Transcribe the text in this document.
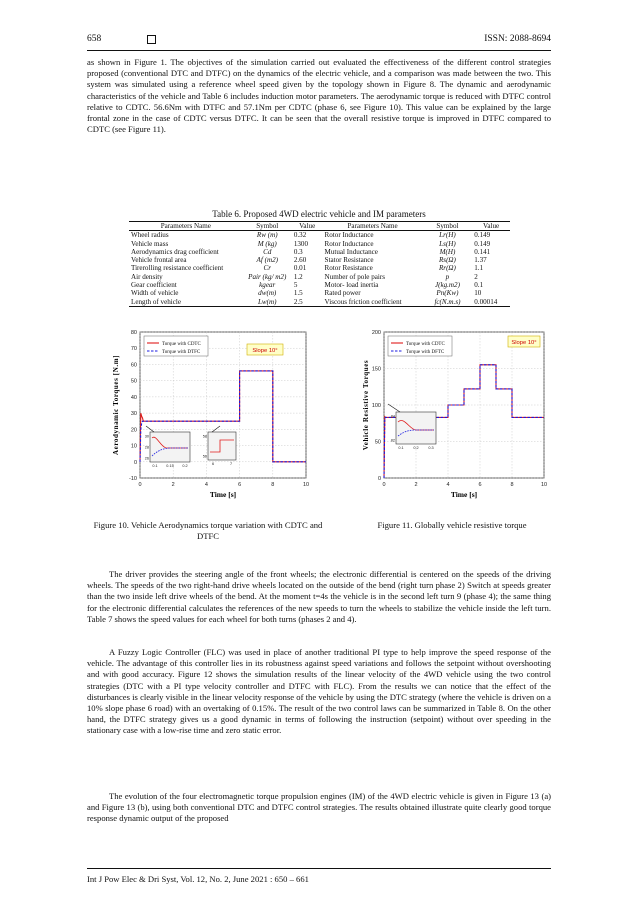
658	ISSN: 2088-8694

as shown in Figure 1. The objectives of the simulation carried out evaluated the effectiveness of the different control strategies proposed (conventional DTC and DTFC) on the dynamics of the electric vehicle, and a comparison was made between the two. This system was simulated using a reference wheel speed given by the topology shown in Figure 8. The dynamic and aerodynamic characteristics of the vehicle and Table 6 includes induction motor parameters. The aerodynamic torque is reduced with DTFC control relative to CDTC. 56.6Nm with DTFC and 57.1Nm per CDTC (phase 6, see Figure 10). This value can be explained by the large frontal zone in the case of CDTC versus DTFC. It can be seen that the overall resistive torque is improved in DTFC compared to CDTC (see Figure 11).

Table 6. Proposed 4WD electric vehicle and IM parameters
Parameters Name	Symbol	Value	Parameters Name	Symbol	Value
Wheel radius	Rw (m)	0.32	Rotor Inductance	Lr(H)	0.149
Vehicle mass	M (kg)	1300	Rotor Inductance	Ls(H)	0.149
Aerodynamics drag coefficient	Cd	0.3	Mutual Inductance	M(H)	0.141
Vehicle frontal area	Af (m2)	2.60	Stator Resistance	Rs(Ω)	1.37
Tirerolling resistance coefficient	Cr	0.01	Rotor Resistance	Rr(Ω)	1.1
Air density	Pair (kg/ m2)	1.2	Number of pole pairs	p	2
Gear coefficient	kgear	5	Motor- load inertia	J(kg.m2)	0.1
Width of vehicle	dw(m)	1.5	Rated power	Pn(Kw)	10
Length of vehicle	Lw(m)	2.5	Viscous friction coefficient	fc(N.m.s)	0.00014
-10
0
10
20
30
40
50
60
70
80
0	2	4	6	8	10
Time [s]
Aerodynamic Torques [N.m]
Torque with CDTC
Torque with DTFC	Slope 10°
30
28
26
0.1 0.15 0.2
58
56
6	7
0
50
100
150
200
0	2	4	6	8	10
Time [s]
Vehicle Resistive Torques
Torque with CDTC
Torque with DFTC
Slope 10°
84
82
0.1	0.2	0.3
Figure 10. Vehicle Aerodynamics torque variation with CDTC and DTFC
Figure 11. Globally vehicle resistive torque

The driver provides the steering angle of the front wheels; the electronic differential is centered on the speeds of the driving wheels. The speeds of the two right-hand drive wheels located on the outside of the bend (right turn phase 2) Switch at speeds greater than the two inside left drive wheels of the bend. At the moment t=4s the vehicle is in the second left turn 9 (phase 4); the same thing for the electronic differential calculates the references of the new speeds to turn the wheels to stabilize the vehicle inside the left turn. Table 7 shows the speed values for each wheel for both turns (phases 2 and 4).

A Fuzzy Logic Controller (FLC) was used in place of another traditional PI type to help improve the speed response of the vehicle. The advantage of this controller lies in its robustness against speed variations and follows the setpoint without overshooting and with good accuracy. Figure 12 shows the simulation results of the linear velocity of the 4WD vehicle using the two control strategies (DTC with a PI type velocity controller and DTFC with FLC). From the results we can notice that the effect of the disturbances is clearly visible in the linear velocity response of the vehicle by using the DTC strategy (where the vehicle is driven on a 10% slope phase 6 road) with an overtaking of 0.15%. The result of the two control laws can be summarized in Table 8. On the other hand, the DTFC strategy gives us a good dynamic in terms of following the instruction (setpoint) without over speeding in the stationary case with a low-rise time and zero static error.

The evolution of the four electromagnetic torque propulsion engines (IM) of the 4WD electric vehicle is given in Figure 13 (a) and Figure 13 (b), using both conventional DTC and DTFC control strategies. The results obtained illustrate quite clearly good torque response dynamic output of the proposed

Int J Pow Elec & Dri Syst, Vol. 12, No. 2, June 2021 : 650 – 661
